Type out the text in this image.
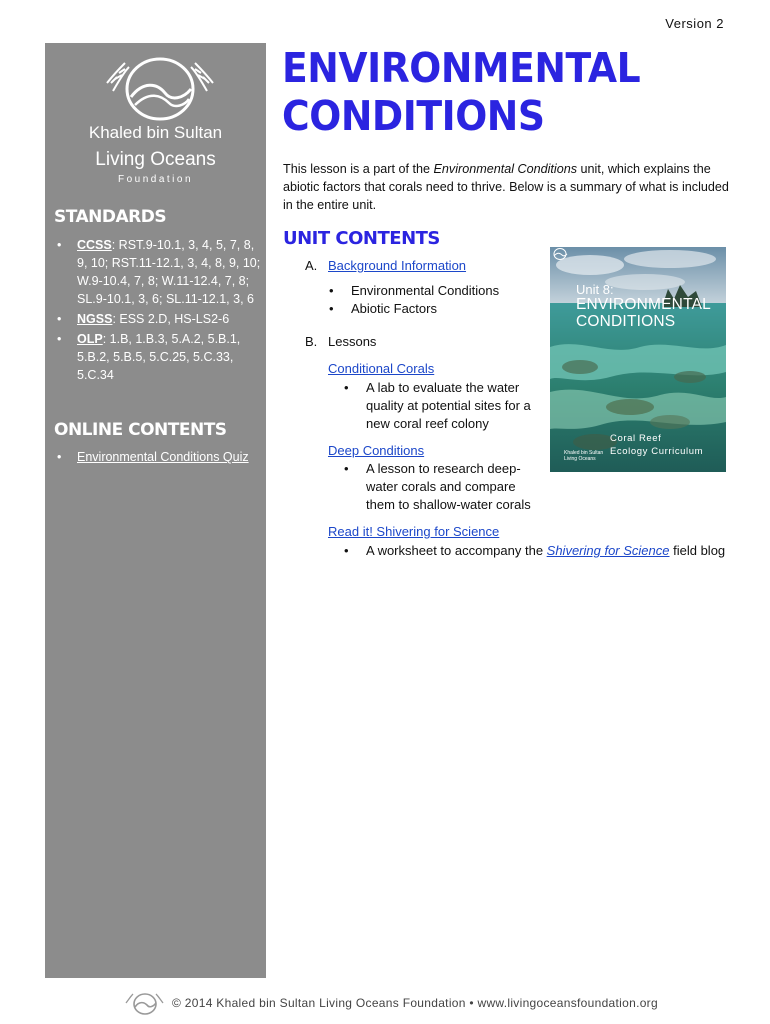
Version 2
Khaled bin Sultan
Living Oceans
Foundation
STANDARDS
• CCSS: RST.9-10.1, 3, 4, 5, 7, 8, 9, 10; RST.11-12.1, 3, 4, 8, 9, 10; W.9-10.4, 7, 8; W.11-12.4, 7, 8; SL.9-10.1, 3, 6; SL.11-12.1, 3, 6
• NGSS: ESS 2.D, HS-LS2-6
• OLP: 1.B, 1.B.3, 5.A.2, 5.B.1, 5.B.2, 5.B.5, 5.C.25, 5.C.33, 5.C.34
ONLINE CONTENTS
• Environmental Conditions Quiz
ENVIRONMENTAL
CONDITIONS

This lesson is a part of the Environmental Conditions unit, which explains the abiotic factors that corals need to thrive. Below is a summary of what is included in the entire unit.

UNIT CONTENTS
A. Background Information
• Environmental Conditions
• Abiotic Factors
B. Lessons
Conditional Corals
• A lab to evaluate the water quality at potential sites for a new coral reef colony
Deep Conditions
• A lesson to research deep-water corals and compare them to shallow-water corals
Read it! Shivering for Science
• A worksheet to accompany the Shivering for Science field blog
Unit 8:
ENVIRONMENTAL
CONDITIONS
Khaled bin Sultan
Living Oceans
Coral Reef
Ecology Curriculum
© 2014 Khaled bin Sultan Living Oceans Foundation • www.livingoceansfoundation.org
